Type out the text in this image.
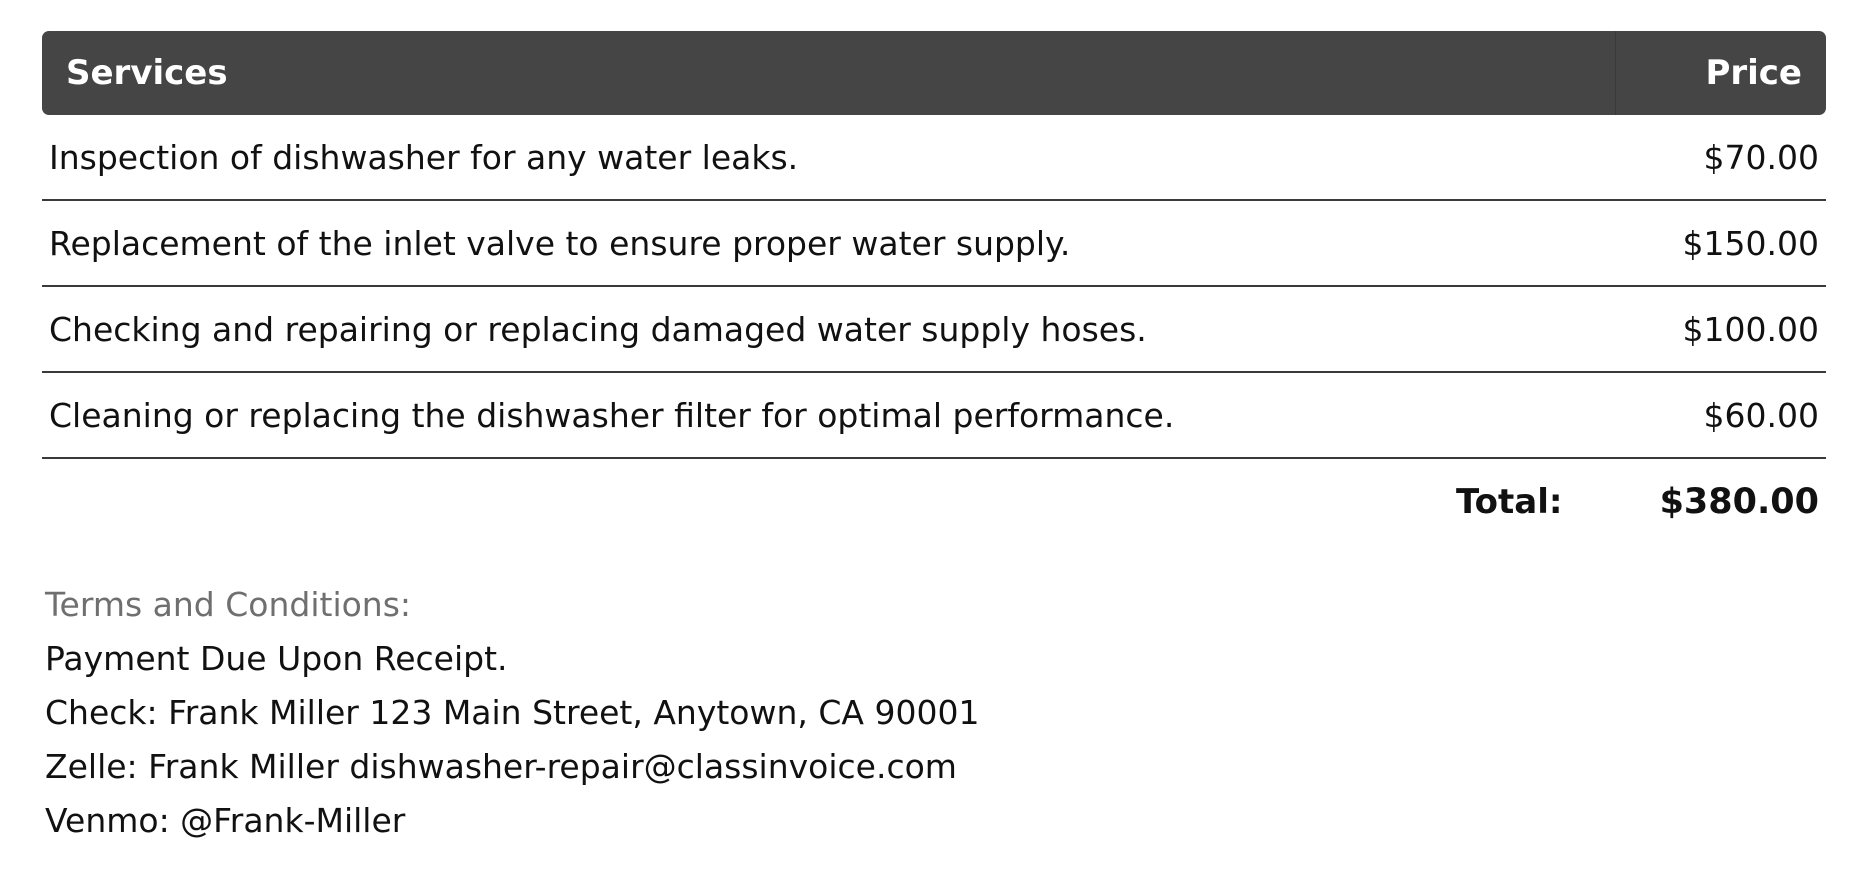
Services	Price
Inspection of dishwasher for any water leaks.	$70.00
Replacement of the inlet valve to ensure proper water supply.	$150.00
Checking and repairing or replacing damaged water supply hoses.	$100.00
Cleaning or replacing the dishwasher filter for optimal performance.	$60.00
Total:	$380.00
Terms and Conditions:
Payment Due Upon Receipt.
Check: Frank Miller 123 Main Street, Anytown, CA 90001
Zelle: Frank Miller dishwasher-repair@classinvoice.com
Venmo: @Frank-Miller
